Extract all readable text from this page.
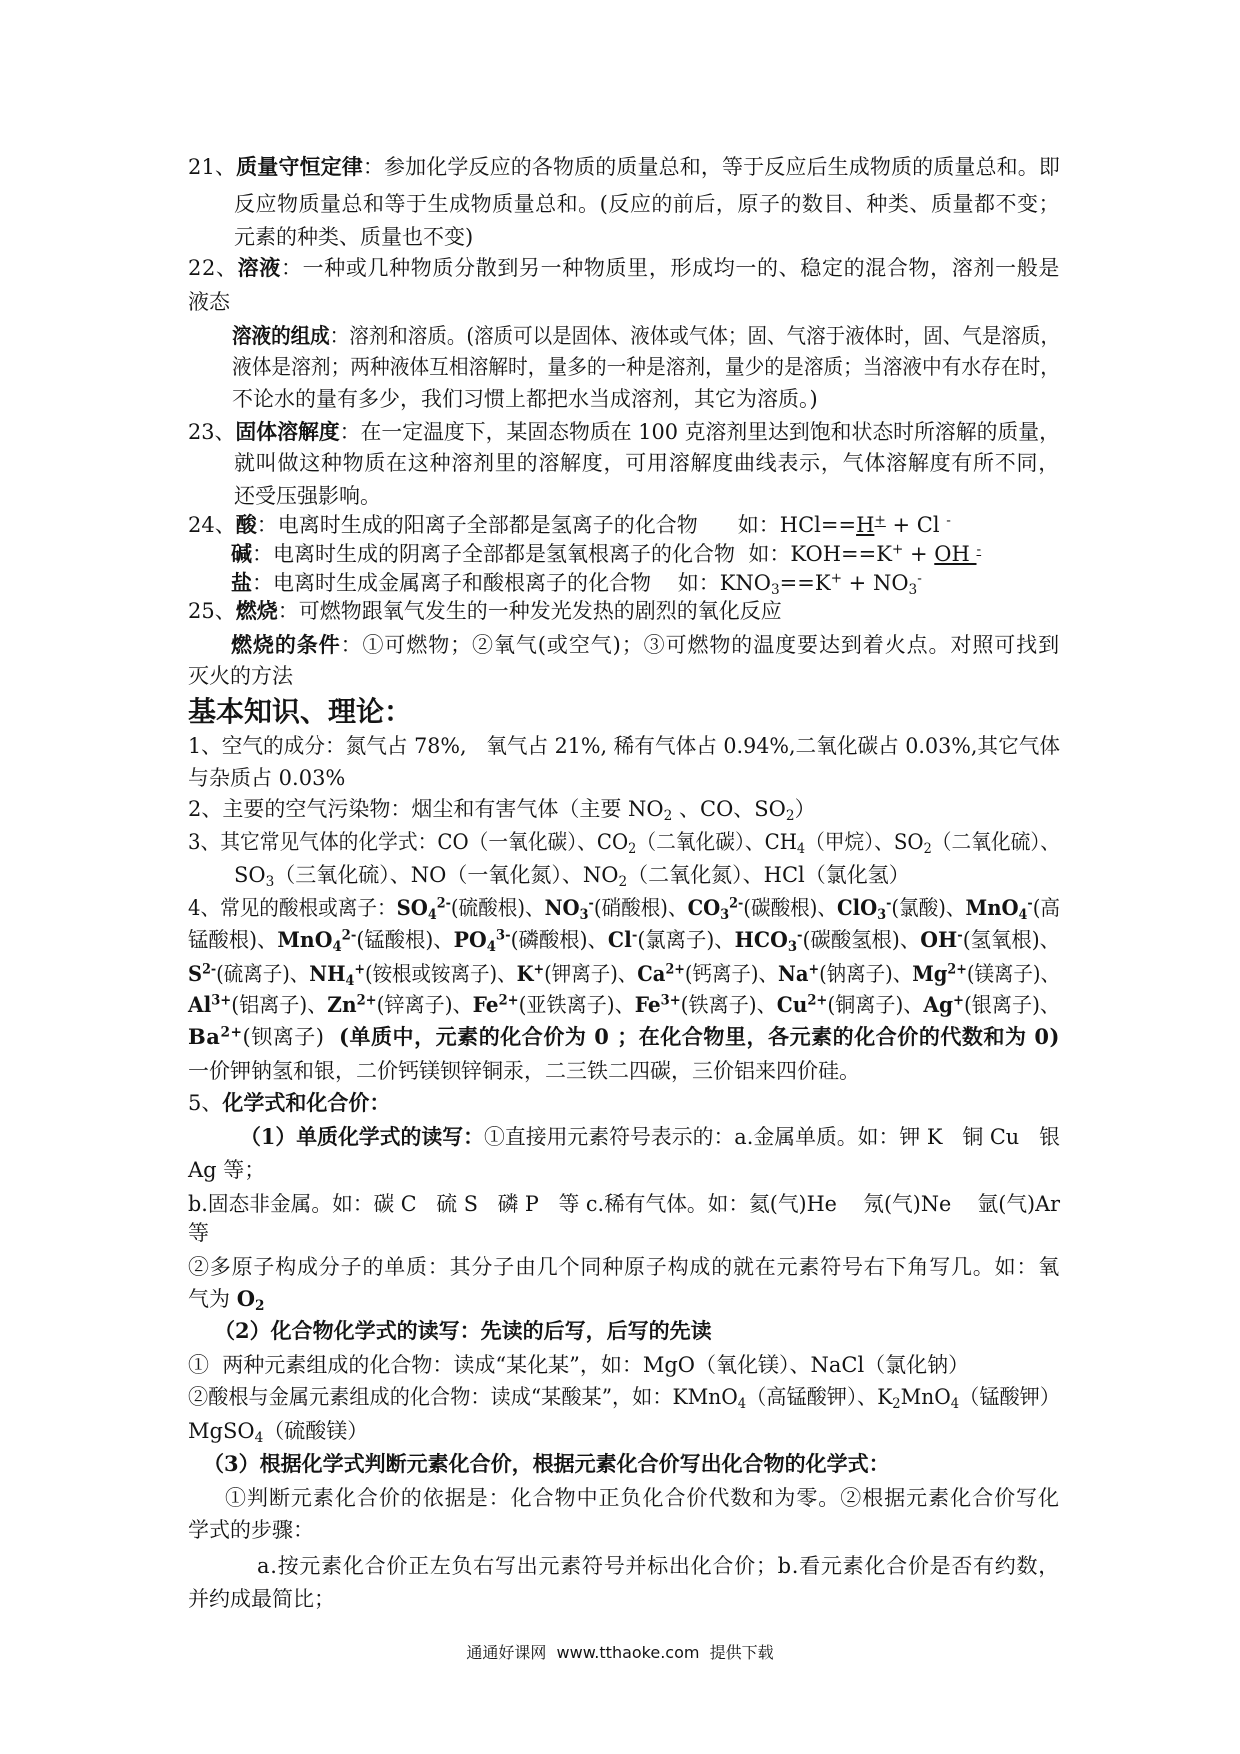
21、质量守恒定律：参加化学反应的各物质的质量总和，等于反应后生成物质的质量总和。即
反应物质量总和等于生成物质量总和。(反应的前后，原子的数目、种类、质量都不变；
元素的种类、质量也不变)
22、溶液：一种或几种物质分散到另一种物质里，形成均一的、稳定的混合物，溶剂一般是
液态
溶液的组成：溶剂和溶质。(溶质可以是固体、液体或气体；固、气溶于液体时，固、气是溶质，
液体是溶剂；两种液体互相溶解时，量多的一种是溶剂，量少的是溶质；当溶液中有水存在时，
不论水的量有多少，我们习惯上都把水当成溶剂，其它为溶质。)
23、固体溶解度：在一定温度下，某固态物质在 100 克溶剂里达到饱和状态时所溶解的质量，
就叫做这种物质在这种溶剂里的溶解度，可用溶解度曲线表示，气体溶解度有所不同，
还受压强影响。
24、酸：电离时生成的阳离子全部都是氢离子的化合物      如：HCl==H+ + Cl -
碱：电离时生成的阴离子全部都是氢氧根离子的化合物  如：KOH==K+ + OH -
盐：电离时生成金属离子和酸根离子的化合物    如：$KNO_3==K^+ + NO_3^-$
25、燃烧：可燃物跟氧气发生的一种发光发热的剧烈的氧化反应
燃烧的条件：①可燃物；②氧气(或空气)；③可燃物的温度要达到着火点。对照可找到
灭火的方法
基本知识、理论：
1、空气的成分：氮气占 78%,   氧气占 21%, 稀有气体占 0.94%,二氧化碳占 0.03%,其它气体
与杂质占 0.03%
2、主要的空气污染物：烟尘和有害气体（主要 $NO_2$ 、CO、$SO_2$）
3、其它常见气体的化学式：CO（一氧化碳）、$CO_2$（二氧化碳）、$CH_4$（甲烷）、$SO_2$（二氧化硫）、
$SO_3$（三氧化硫）、NO（一氧化氮）、$NO_2$（二氧化氮）、HCl（氯化氢）
4、常见的酸根或离子：$SO_4^{2-}$(硫酸根)、$NO_3^-$(硝酸根)、$CO_3^{2-}$(碳酸根)、ClO$_3$-(氯酸)、MnO$_4$-(高
锰酸根)、MnO$_4^{2-}$(锰酸根)、$PO_4^{3-}$(磷酸根)、Cl-(氯离子)、$HCO_3^-$(碳酸氢根)、OH-(氢氧根)、
$S^{2-}$(硫离子)、$NH_4^+$(铵根或铵离子)、K+(钾离子)、$Ca^{2+}$(钙离子)、Na+(钠离子)、$Mg^{2+}$(镁离子)、
$Al^{3+}$(铝离子)、$Zn^{2+}$(锌离子)、$Fe^{2+}$(亚铁离子)、$Fe^{3+}$(铁离子)、$Cu^{2+}$(铜离子)、Ag+(银离子)、
$Ba^{2+}$(钡离子)  (单质中，元素的化合价为 0 ；在化合物里，各元素的化合价的代数和为 0)
一价钾钠氢和银，二价钙镁钡锌铜汞，二三铁二四碳，三价铝来四价硅。
5、化学式和化合价：
（1）单质化学式的读写：①直接用元素符号表示的：a.金属单质。如：钾 K   铜 Cu   银
Ag 等；
b.固态非金属。如：碳 C   硫 S   磷 P   等 c.稀有气体。如：氦(气)He    氖(气)Ne    氩(气)Ar
等
②多原子构成分子的单质：其分子由几个同种原子构成的就在元素符号右下角写几。如：氧
气为 $O_2$
（2）化合物化学式的读写：先读的后写，后写的先读
①  两种元素组成的化合物：读成“某化某”，如：MgO（氧化镁）、NaCl（氯化钠）
②酸根与金属元素组成的化合物：读成“某酸某”，如：KMnO$_4$（高锰酸钾）、$K_2MnO_4$（锰酸钾）
MgSO$_4$（硫酸镁）
（3）根据化学式判断元素化合价，根据元素化合价写出化合物的化学式：
①判断元素化合价的依据是：化合物中正负化合价代数和为零。②根据元素化合价写化
学式的步骤：
a.按元素化合价正左负右写出元素符号并标出化合价；b.看元素化合价是否有约数，
并约成最简比；
通通好课网  www.tthaoke.com  提供下载
